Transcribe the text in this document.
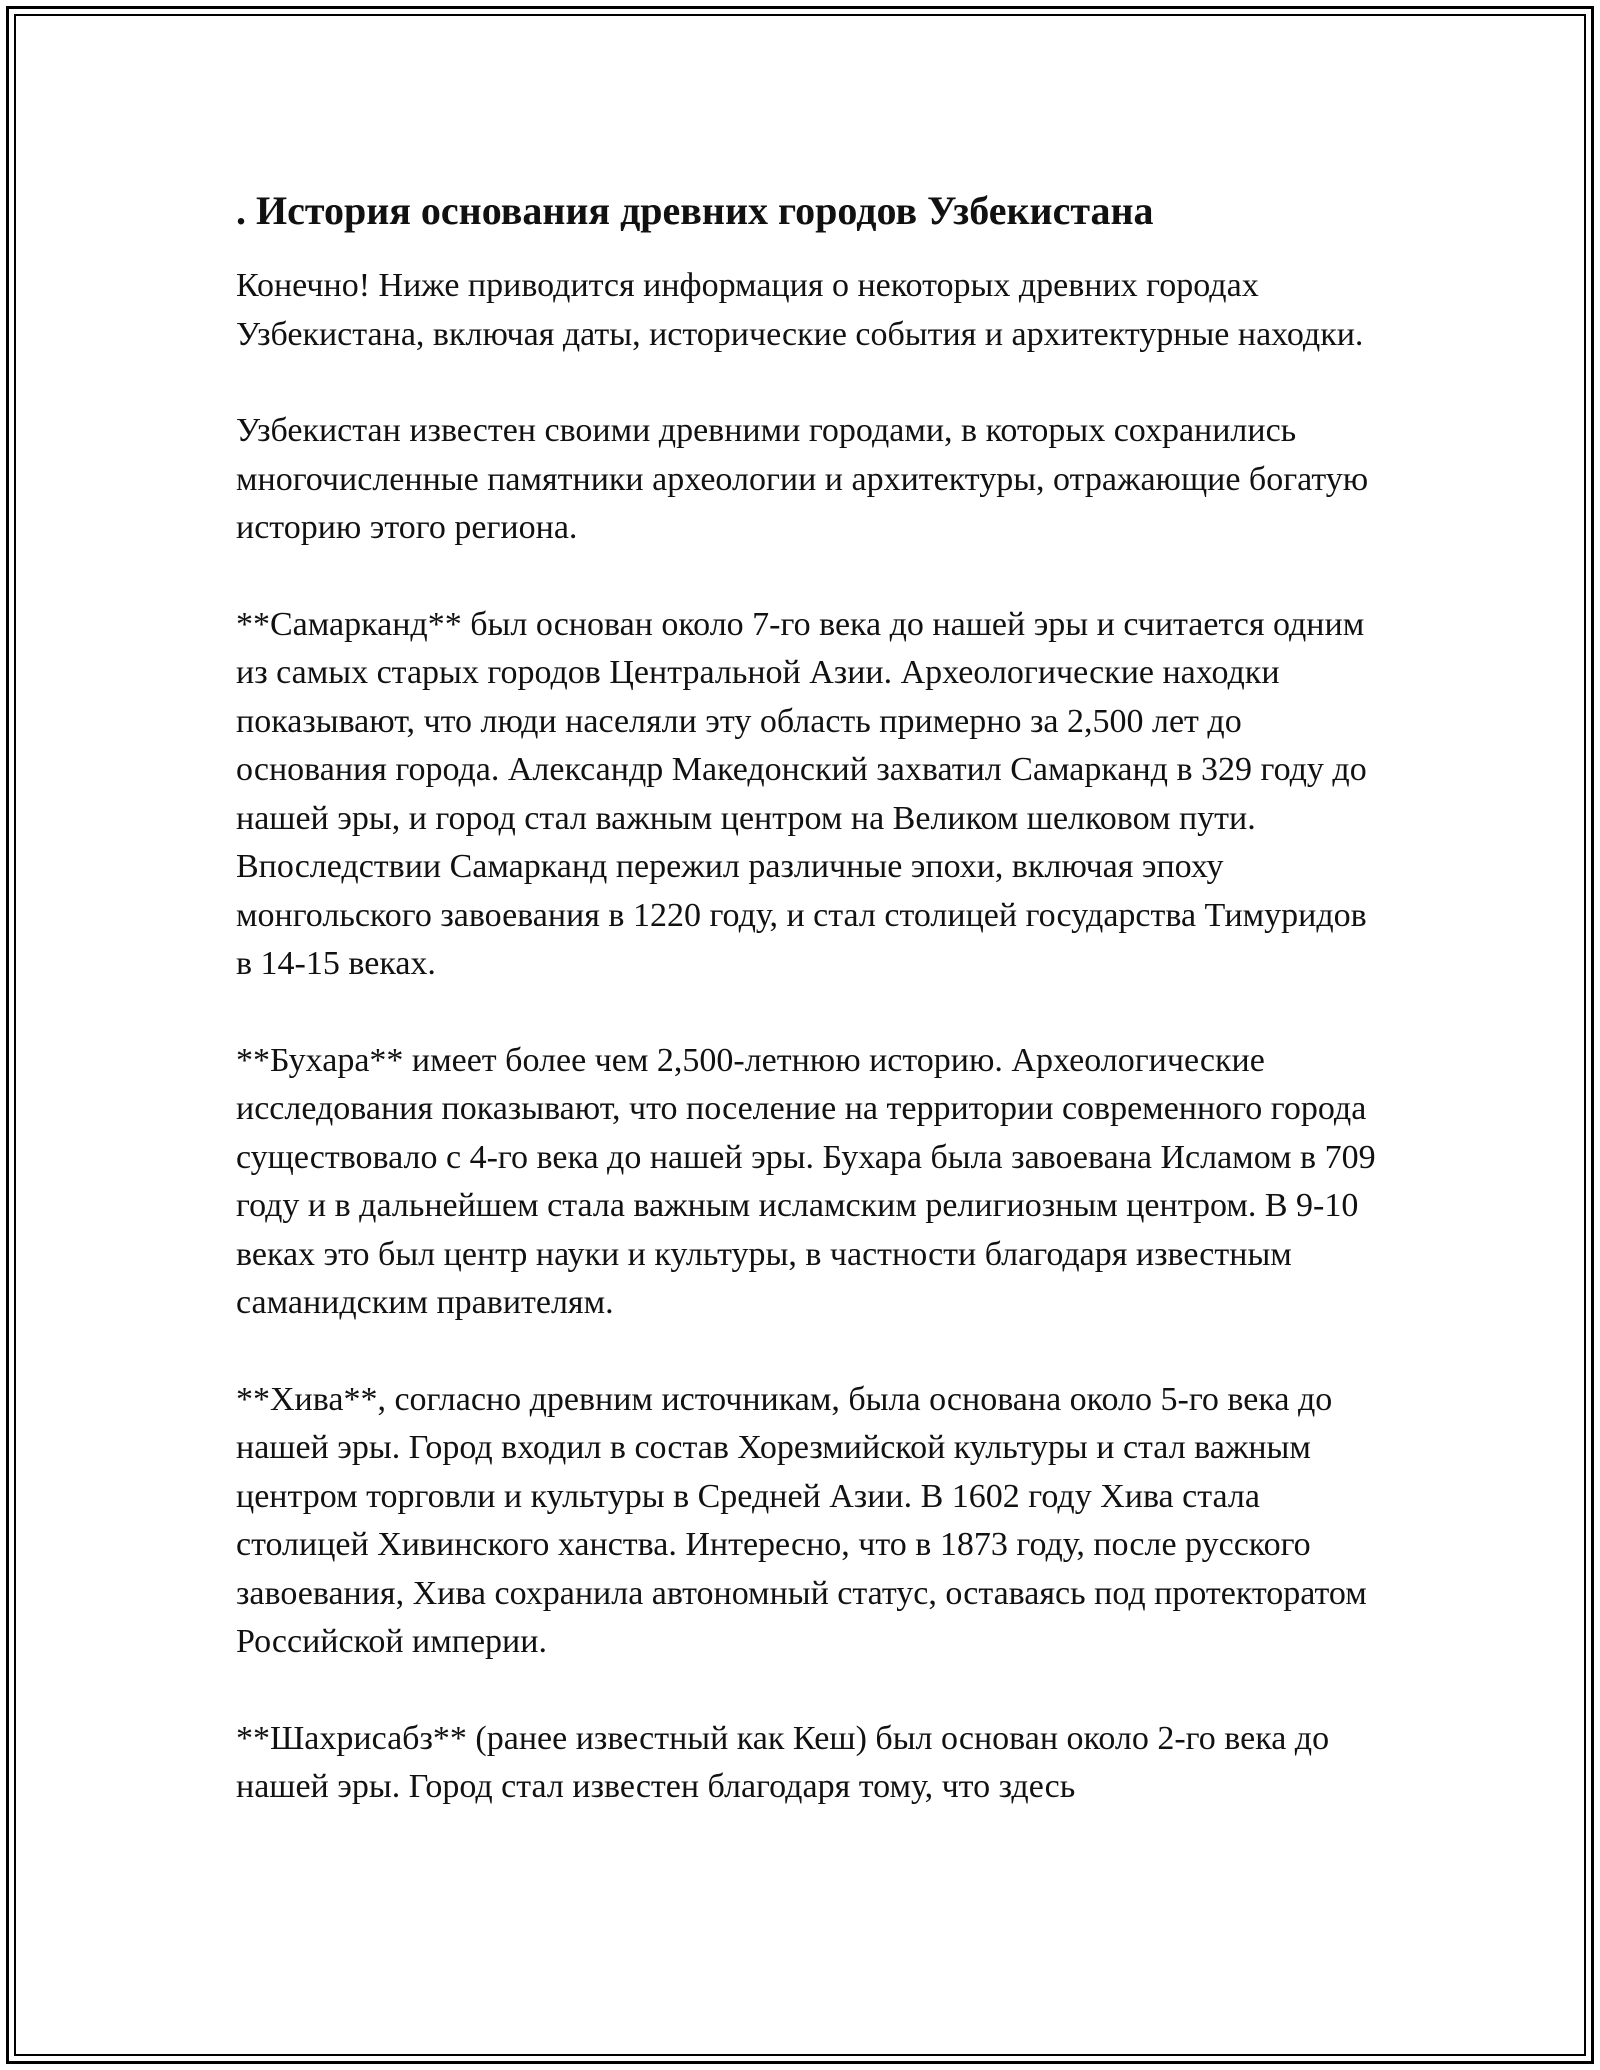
. История основания древних городов Узбекистана

Конечно! Ниже приводится информация о некоторых древних городах Узбекистана, включая даты, исторические события и архитектурные находки.

Узбекистан известен своими древними городами, в которых сохранились многочисленные памятники археологии и архитектуры, отражающие богатую историю этого региона.

**Самарканд** был основан около 7-го века до нашей эры и считается одним из самых старых городов Центральной Азии. Археологические находки показывают, что люди населяли эту область примерно за 2,500 лет до основания города. Александр Македонский захватил Самарканд в 329 году до нашей эры, и город стал важным центром на Великом шелковом пути. Впоследствии Самарканд пережил различные эпохи, включая эпоху монгольского завоевания в 1220 году, и стал столицей государства Тимуридов в 14-15 веках.

**Бухара** имеет более чем 2,500-летнюю историю. Археологические исследования показывают, что поселение на территории современного города существовало с 4-го века до нашей эры. Бухара была завоевана Исламом в 709 году и в дальнейшем стала важным исламским религиозным центром. В 9-10 веках это был центр науки и культуры, в частности благодаря известным саманидским правителям.

**Хива**, согласно древним источникам, была основана около 5-го века до нашей эры. Город входил в состав Хорезмийской культуры и стал важным центром торговли и культуры в Средней Азии. В 1602 году Хива стала столицей Хивинского ханства. Интересно, что в 1873 году, после русского завоевания, Хива сохранила автономный статус, оставаясь под протекторатом Российской империи.

**Шахрисабз** (ранее известный как Кеш) был основан около 2-го века до нашей эры. Город стал известен благодаря тому, что здесь
